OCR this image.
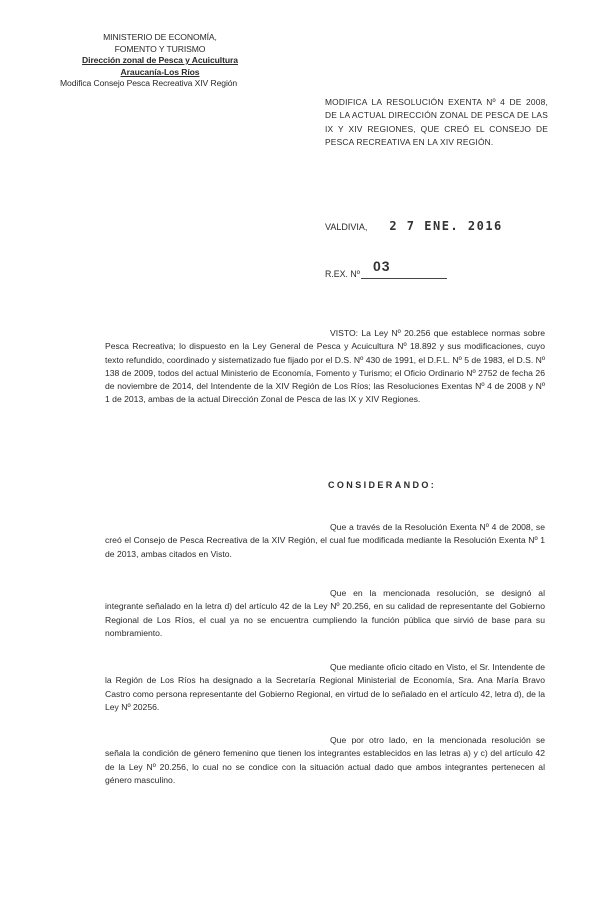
MINISTERIO DE ECONOMÍA,
FOMENTO Y TURISMO
Dirección zonal de Pesca y Acuicultura
Araucanía-Los Ríos
Modifica Consejo Pesca Recreativa XIV Región
MODIFICA LA RESOLUCIÓN EXENTA Nº 4 DE 2008, DE LA ACTUAL DIRECCIÓN ZONAL DE PESCA DE LAS IX Y XIV REGIONES, QUE CREÓ EL CONSEJO DE PESCA RECREATIVA EN LA XIV REGIÓN.
VALDIVIA, 2 7 ENE. 2016
R.EX. Nº 03
VISTO: La Ley Nº 20.256 que establece normas sobre Pesca Recreativa; lo dispuesto en la Ley General de Pesca y Acuicultura Nº 18.892 y sus modificaciones, cuyo texto refundido, coordinado y sistematizado fue fijado por el D.S. Nº 430 de 1991, el D.F.L. Nº 5 de 1983, el D.S. Nº 138 de 2009, todos del actual Ministerio de Economía, Fomento y Turismo; el Oficio Ordinario Nº 2752 de fecha 26 de noviembre de 2014, del Intendente de la XIV Región de Los Ríos; las Resoluciones Exentas Nº 4 de 2008 y Nº 1 de 2013, ambas de la actual Dirección Zonal de Pesca de las IX y XIV Regiones.
CONSIDERANDO:
Que a través de la Resolución Exenta Nº 4 de 2008, se creó el Consejo de Pesca Recreativa de la XIV Región, el cual fue modificada mediante la Resolución Exenta Nº 1 de 2013, ambas citados en Visto.
Que en la mencionada resolución, se designó al integrante señalado en la letra d) del artículo 42 de la Ley Nº 20.256, en su calidad de representante del Gobierno Regional de Los Ríos, el cual ya no se encuentra cumpliendo la función pública que sirvió de base para su nombramiento.
Que mediante oficio citado en Visto, el Sr. Intendente de la Región de Los Ríos ha designado a la Secretaría Regional Ministerial de Economía, Sra. Ana María Bravo Castro como persona representante del Gobierno Regional, en virtud de lo señalado en el artículo 42, letra d), de la Ley Nº 20256.
Que por otro lado, en la mencionada resolución se señala la condición de género femenino que tienen los integrantes establecidos en las letras a) y c) del artículo 42 de la Ley Nº 20.256, lo cual no se condice con la situación actual dado que ambos integrantes pertenecen al género masculino.
